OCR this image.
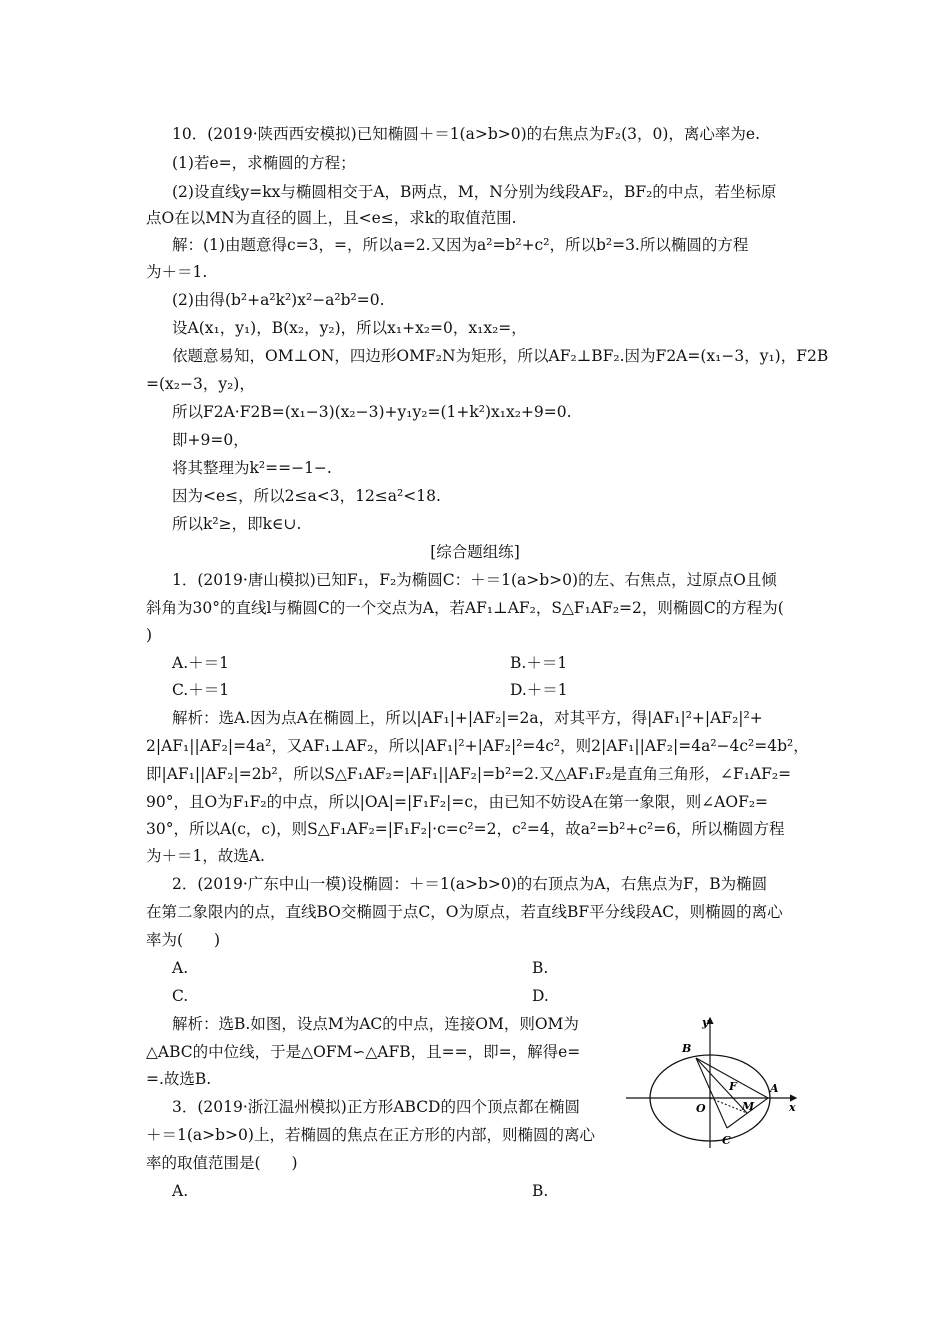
10．(2019·陕西西安模拟)已知椭圆＋＝1(a>b>0)的右焦点为F₂(3，0)，离心率为e.
(1)若e=，求椭圆的方程；
(2)设直线y=kx与椭圆相交于A，B两点，M，N分别为线段AF₂，BF₂的中点，若坐标原
点O在以MN为直径的圆上，且<e≤，求k的取值范围.
解：(1)由题意得c=3，=，所以a=2.又因为a²=b²+c²，所以b²=3.所以椭圆的方程
为＋＝1.
(2)由得(b²+a²k²)x²−a²b²=0.
设A(x₁，y₁)，B(x₂，y₂)，所以x₁+x₂=0，x₁x₂=，
依题意易知，OM⊥ON，四边形OMF₂N为矩形，所以AF₂⊥BF₂.因为F2A=(x₁−3，y₁)，F2B
=(x₂−3，y₂)，
所以F2A·F2B=(x₁−3)(x₂−3)+y₁y₂=(1+k²)x₁x₂+9=0.
即+9=0，
将其整理为k²==−1−.
因为<e≤，所以2≤a<3，12≤a²<18.
所以k²≥，即k∈∪.
[综合题组练]
1．(2019·唐山模拟)已知F₁，F₂为椭圆C：＋＝1(a>b>0)的左、右焦点，过原点O且倾
斜角为30°的直线l与椭圆C的一个交点为A，若AF₁⊥AF₂，S△F₁AF₂=2，则椭圆C的方程为(
)
A.＋＝1	B.＋＝1
C.＋＝1	D.＋＝1
解析：选A.因为点A在椭圆上，所以|AF₁|+|AF₂|=2a，对其平方，得|AF₁|²+|AF₂|²+
2|AF₁||AF₂|=4a²，又AF₁⊥AF₂，所以|AF₁|²+|AF₂|²=4c²，则2|AF₁||AF₂|=4a²−4c²=4b²，
即|AF₁||AF₂|=2b²，所以S△F₁AF₂=|AF₁||AF₂|=b²=2.又△AF₁F₂是直角三角形，∠F₁AF₂=
90°，且O为F₁F₂的中点，所以|OA|=|F₁F₂|=c，由已知不妨设A在第一象限，则∠AOF₂=
30°，所以A(c，c)，则S△F₁AF₂=|F₁F₂|·c=c²=2，c²=4，故a²=b²+c²=6，所以椭圆方程
为＋＝1，故选A.
2．(2019·广东中山一模)设椭圆：＋＝1(a>b>0)的右顶点为A，右焦点为F，B为椭圆
在第二象限内的点，直线BO交椭圆于点C，O为原点，若直线BF平分线段AC，则椭圆的离心
率为(　　)
A.	B.
C.	D.
解析：选B.如图，设点M为AC的中点，连接OM，则OM为
△ABC的中位线，于是△OFM∽△AFB，且==，即=，解得e=
=.故选B.
3．(2019·浙江温州模拟)正方形ABCD的四个顶点都在椭圆
＋＝1(a>b>0)上，若椭圆的焦点在正方形的内部，则椭圆的离心
率的取值范围是(　　)
A.	B.
y
x
B
F	A
O	M
C
